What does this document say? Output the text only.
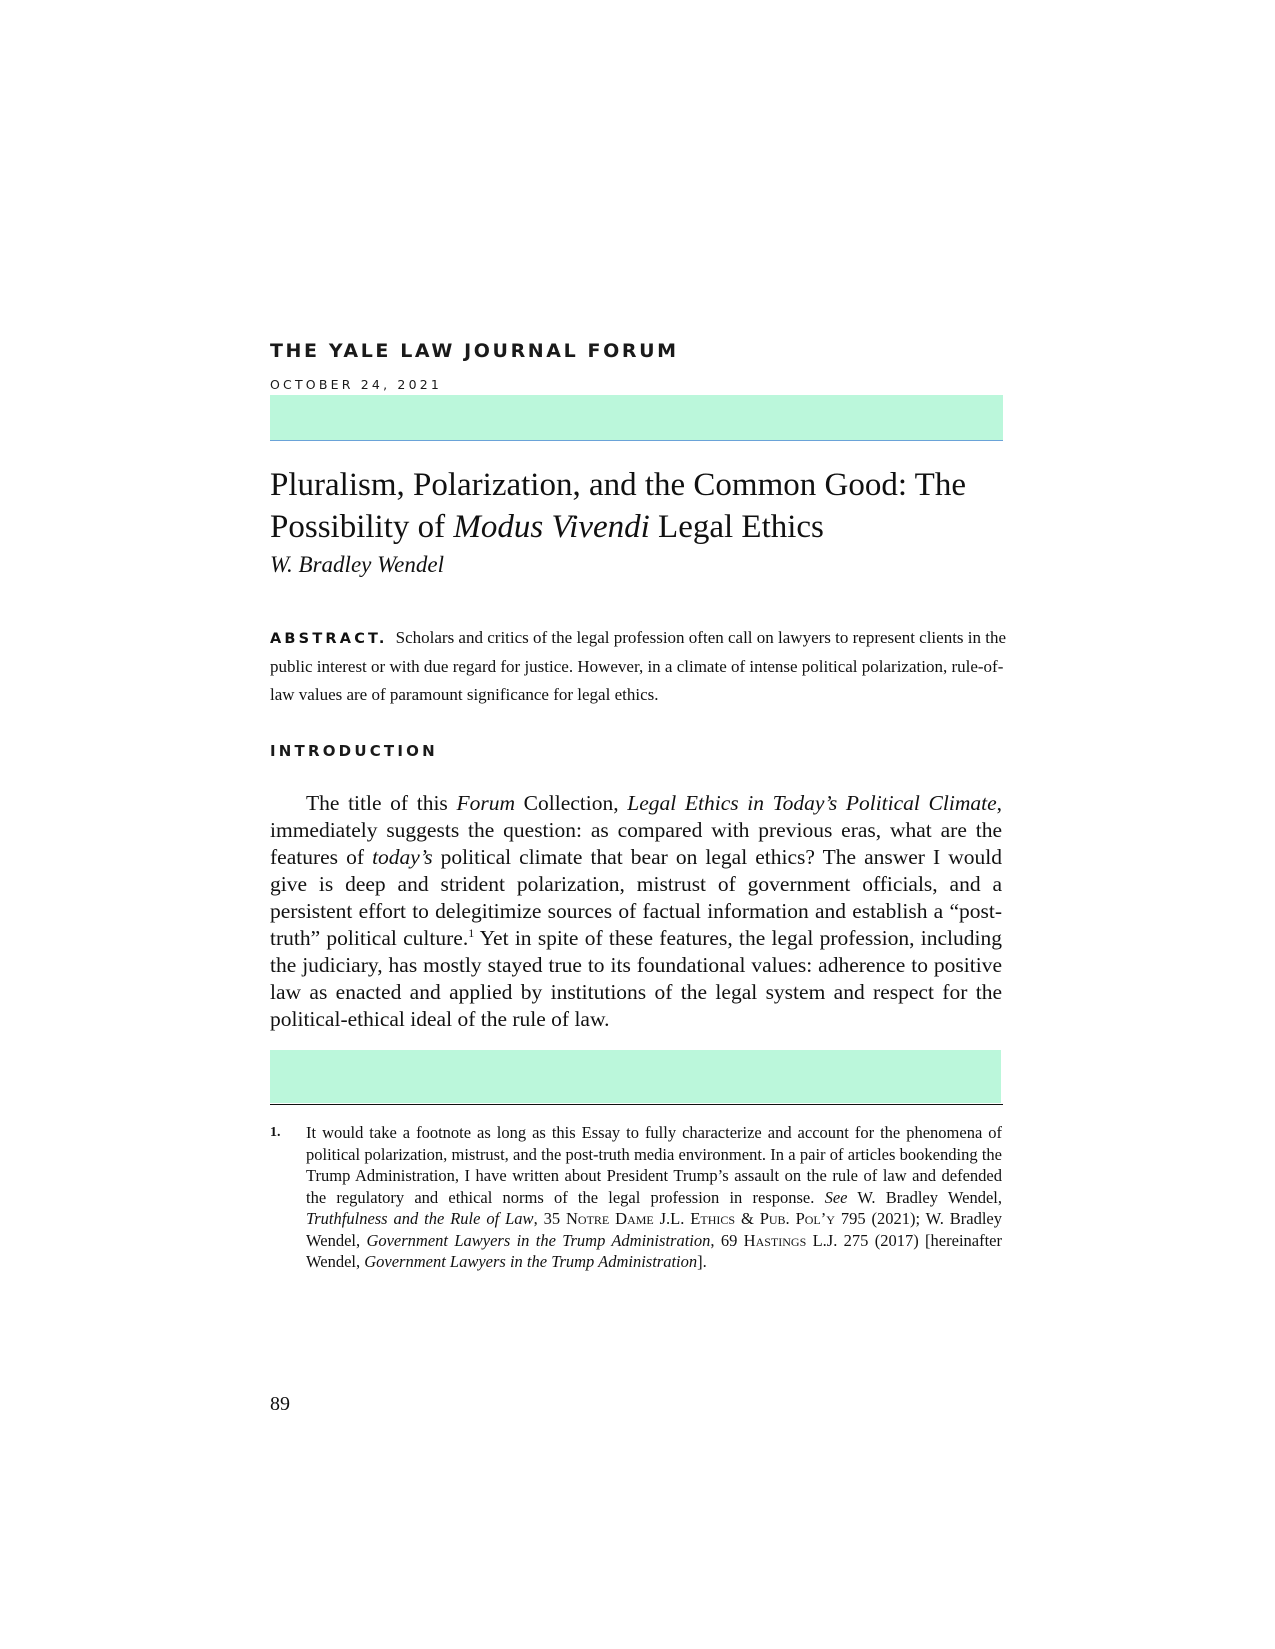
THE YALE LAW JOURNAL FORUM
OCTOBER 24, 2021
Pluralism, Polarization, and the Common Good: The
Possibility of Modus Vivendi Legal Ethics
W. Bradley Wendel

ABSTRACT. Scholars and critics of the legal profession often call on lawyers to represent clients in the public interest or with due regard for justice. However, in a climate of intense political polarization, rule-of-law values are of paramount significance for legal ethics.

INTRODUCTION

The title of this Forum Collection, Legal Ethics in Today’s Political Climate, immediately suggests the question: as compared with previous eras, what are the features of today’s political climate that bear on legal ethics? The answer I would give is deep and strident polarization, mistrust of government officials, and a persistent effort to delegitimize sources of factual information and establish a “post-truth” political culture.$^1$ Yet in spite of these features, the legal profession, including the judiciary, has mostly stayed true to its foundational values: adherence to positive law as enacted and applied by institutions of the legal system and respect for the political-ethical ideal of the rule of law.

1. It would take a footnote as long as this Essay to fully characterize and account for the phenomena of political polarization, mistrust, and the post-truth media environment. In a pair of articles bookending the Trump Administration, I have written about President Trump’s assault on the rule of law and defended the regulatory and ethical norms of the legal profession in response. See W. Bradley Wendel, Truthfulness and the Rule of Law, 35 Notre Dame J.L. Ethics & Pub. Pol’y 795 (2021); W. Bradley Wendel, Government Lawyers in the Trump Administration, 69 Hastings L.J. 275 (2017) [hereinafter Wendel, Government Lawyers in the Trump Administration].

89
